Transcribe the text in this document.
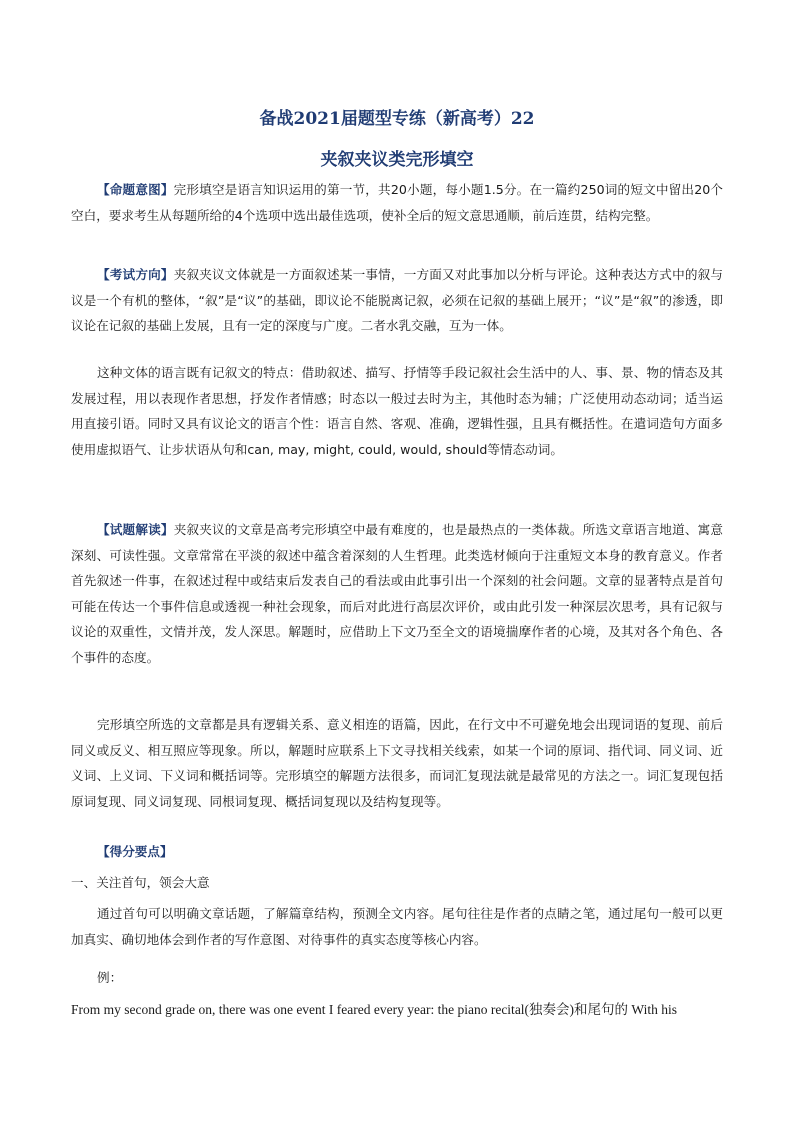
备战2021届题型专练（新高考）22
夹叙夹议类完形填空

【命题意图】完形填空是语言知识运用的第一节，共20小题，每小题1.5分。在一篇约250词的短文中留出20个空白，要求考生从每题所给的4个选项中选出最佳选项，使补全后的短文意思通顺，前后连贯，结构完整。

【考试方向】夹叙夹议文体就是一方面叙述某一事情，一方面又对此事加以分析与评论。这种表达方式中的叙与议是一个有机的整体，“叙”是“议”的基础，即议论不能脱离记叙，必须在记叙的基础上展开；“议”是“叙”的渗透，即议论在记叙的基础上发展，且有一定的深度与广度。二者水乳交融，互为一体。

这种文体的语言既有记叙文的特点：借助叙述、描写、抒情等手段记叙社会生活中的人、事、景、物的情态及其发展过程，用以表现作者思想，抒发作者情感；时态以一般过去时为主，其他时态为辅；广泛使用动态动词；适当运用直接引语。同时又具有议论文的语言个性：语言自然、客观、准确，逻辑性强，且具有概括性。在遣词造句方面多使用虚拟语气、让步状语从句和can, may, might, could, would, should等情态动词。

【试题解读】夹叙夹议的文章是高考完形填空中最有难度的，也是最热点的一类体裁。所选文章语言地道、寓意深刻、可读性强。文章常常在平淡的叙述中蕴含着深刻的人生哲理。此类选材倾向于注重短文本身的教育意义。作者首先叙述一件事，在叙述过程中或结束后发表自己的看法或由此事引出一个深刻的社会问题。文章的显著特点是首句可能在传达一个事件信息或透视一种社会现象，而后对此进行高层次评价，或由此引发一种深层次思考，具有记叙与议论的双重性，文情并茂，发人深思。解题时，应借助上下文乃至全文的语境揣摩作者的心境，及其对各个角色、各个事件的态度。

完形填空所选的文章都是具有逻辑关系、意义相连的语篇，因此，在行文中不可避免地会出现词语的复现、前后同义或反义、相互照应等现象。所以，解题时应联系上下文寻找相关线索，如某一个词的原词、指代词、同义词、近义词、上义词、下义词和概括词等。完形填空的解题方法很多，而词汇复现法就是最常见的方法之一。词汇复现包括原词复现、同义词复现、同根词复现、概括词复现以及结构复现等。

【得分要点】

一、关注首句，领会大意

通过首句可以明确文章话题，了解篇章结构，预测全文内容。尾句往往是作者的点睛之笔，通过尾句一般可以更加真实、确切地体会到作者的写作意图、对待事件的真实态度等核心内容。

例：

From my second grade on, there was one event I feared every year: the piano recital(独奏会)和尾句的 With his
